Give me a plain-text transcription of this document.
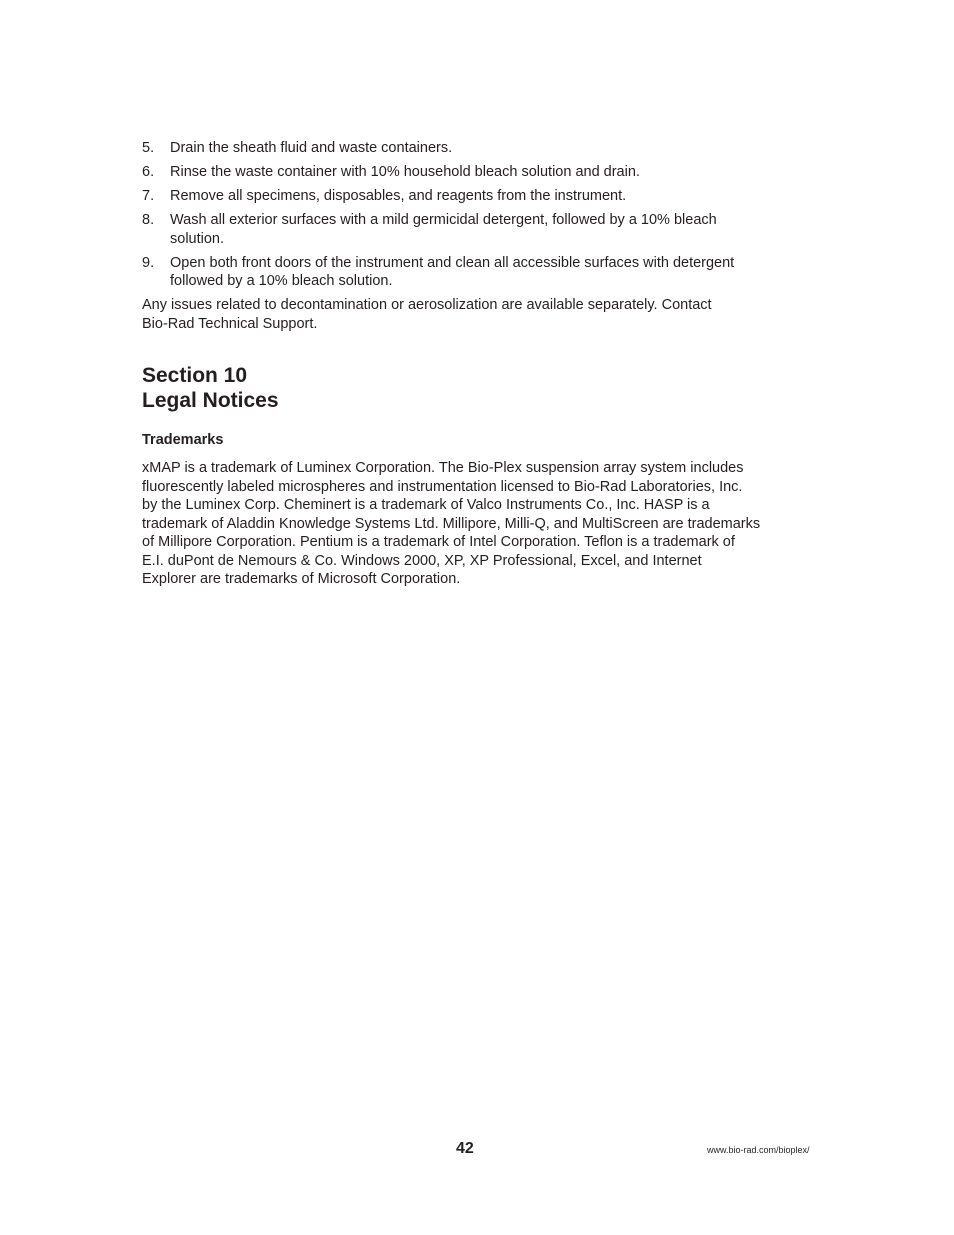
5.	Drain the sheath fluid and waste containers.
6.	Rinse the waste container with 10% household bleach solution and drain.
7.	Remove all specimens, disposables, and reagents from the instrument.
8.	Wash all exterior surfaces with a mild germicidal detergent, followed by a 10% bleach
solution.
9.	Open both front doors of the instrument and clean all accessible surfaces with detergent
followed by a 10% bleach solution.

Any issues related to decontamination or aerosolization are available separately. Contact
Bio-Rad Technical Support.

Section 10
Legal Notices
Trademarks

xMAP is a trademark of Luminex Corporation. The Bio-Plex suspension array system includes
fluorescently labeled microspheres and instrumentation licensed to Bio-Rad Laboratories, Inc.
by the Luminex Corp. Cheminert is a trademark of Valco Instruments Co., Inc. HASP is a
trademark of Aladdin Knowledge Systems Ltd. Millipore, Milli-Q, and MultiScreen are trademarks
of Millipore Corporation. Pentium is a trademark of Intel Corporation. Teflon is a trademark of
E.I. duPont de Nemours & Co. Windows 2000, XP, XP Professional, Excel, and Internet
Explorer are trademarks of Microsoft Corporation.

42	www.bio-rad.com/bioplex/
